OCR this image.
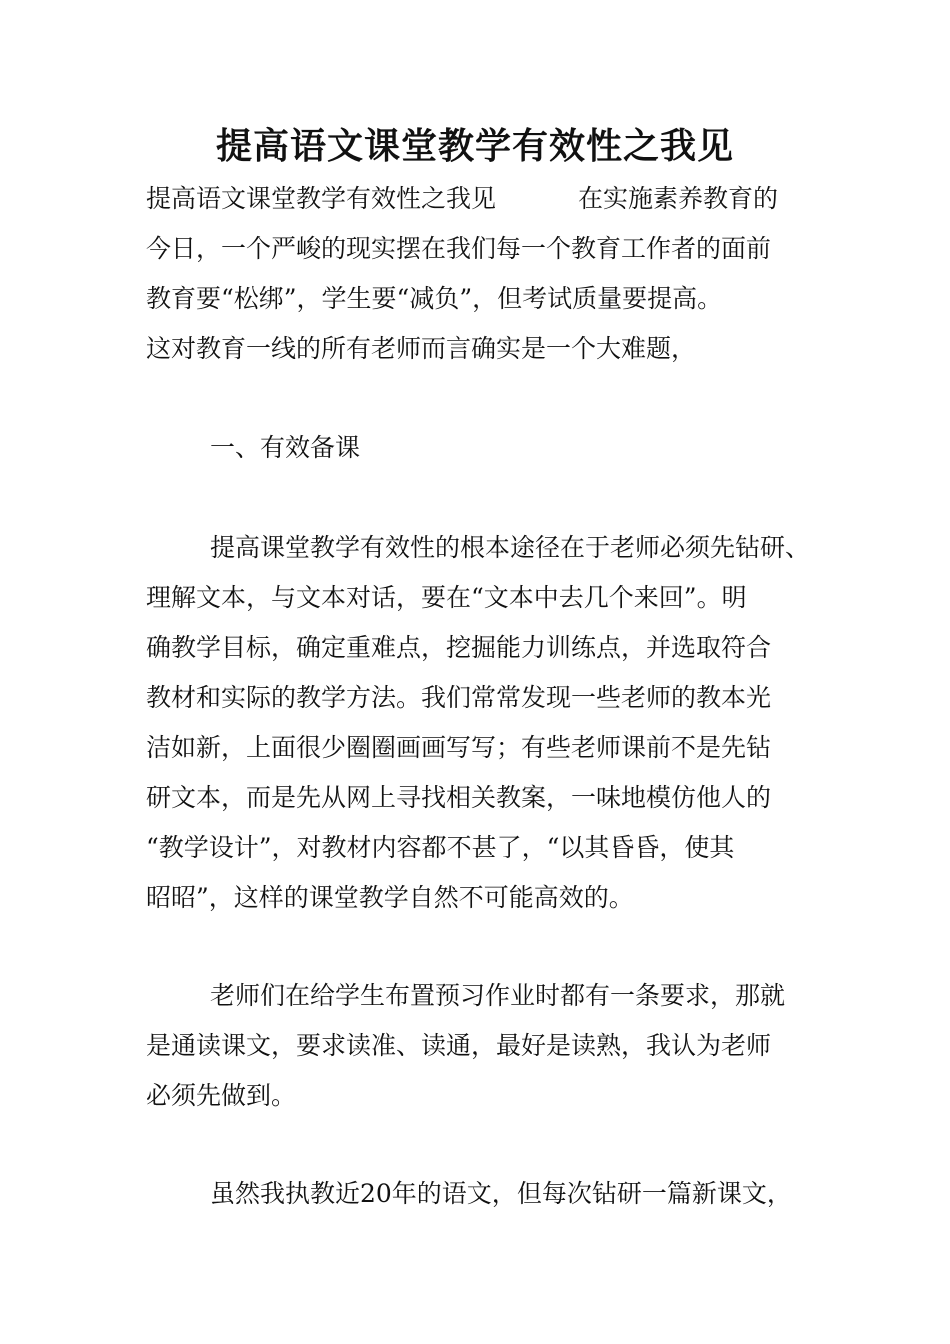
提高语文课堂教学有效性之我见
提高语文课堂教学有效性之我见	在实施素养教育的
今日，一个严峻的现实摆在我们每一个教育工作者的面前
教育要“松绑”，学生要“减负”，但考试质量要提高。
这对教育一线的所有老师而言确实是一个大难题，
一、有效备课
提高课堂教学有效性的根本途径在于老师必须先钻研、
理解文本，与文本对话，要在“文本中去几个来回”。明
确教学目标，确定重难点，挖掘能力训练点，并选取符合
教材和实际的教学方法。我们常常发现一些老师的教本光
洁如新，上面很少圈圈画画写写；有些老师课前不是先钻
研文本，而是先从网上寻找相关教案，一味地模仿他人的
“教学设计”，对教材内容都不甚了，“以其昏昏，使其
昭昭”，这样的课堂教学自然不可能高效的。
老师们在给学生布置预习作业时都有一条要求，那就
是通读课文，要求读准、读通，最好是读熟，我认为老师
必须先做到。
虽然我执教近20年的语文，但每次钻研一篇新课文，
